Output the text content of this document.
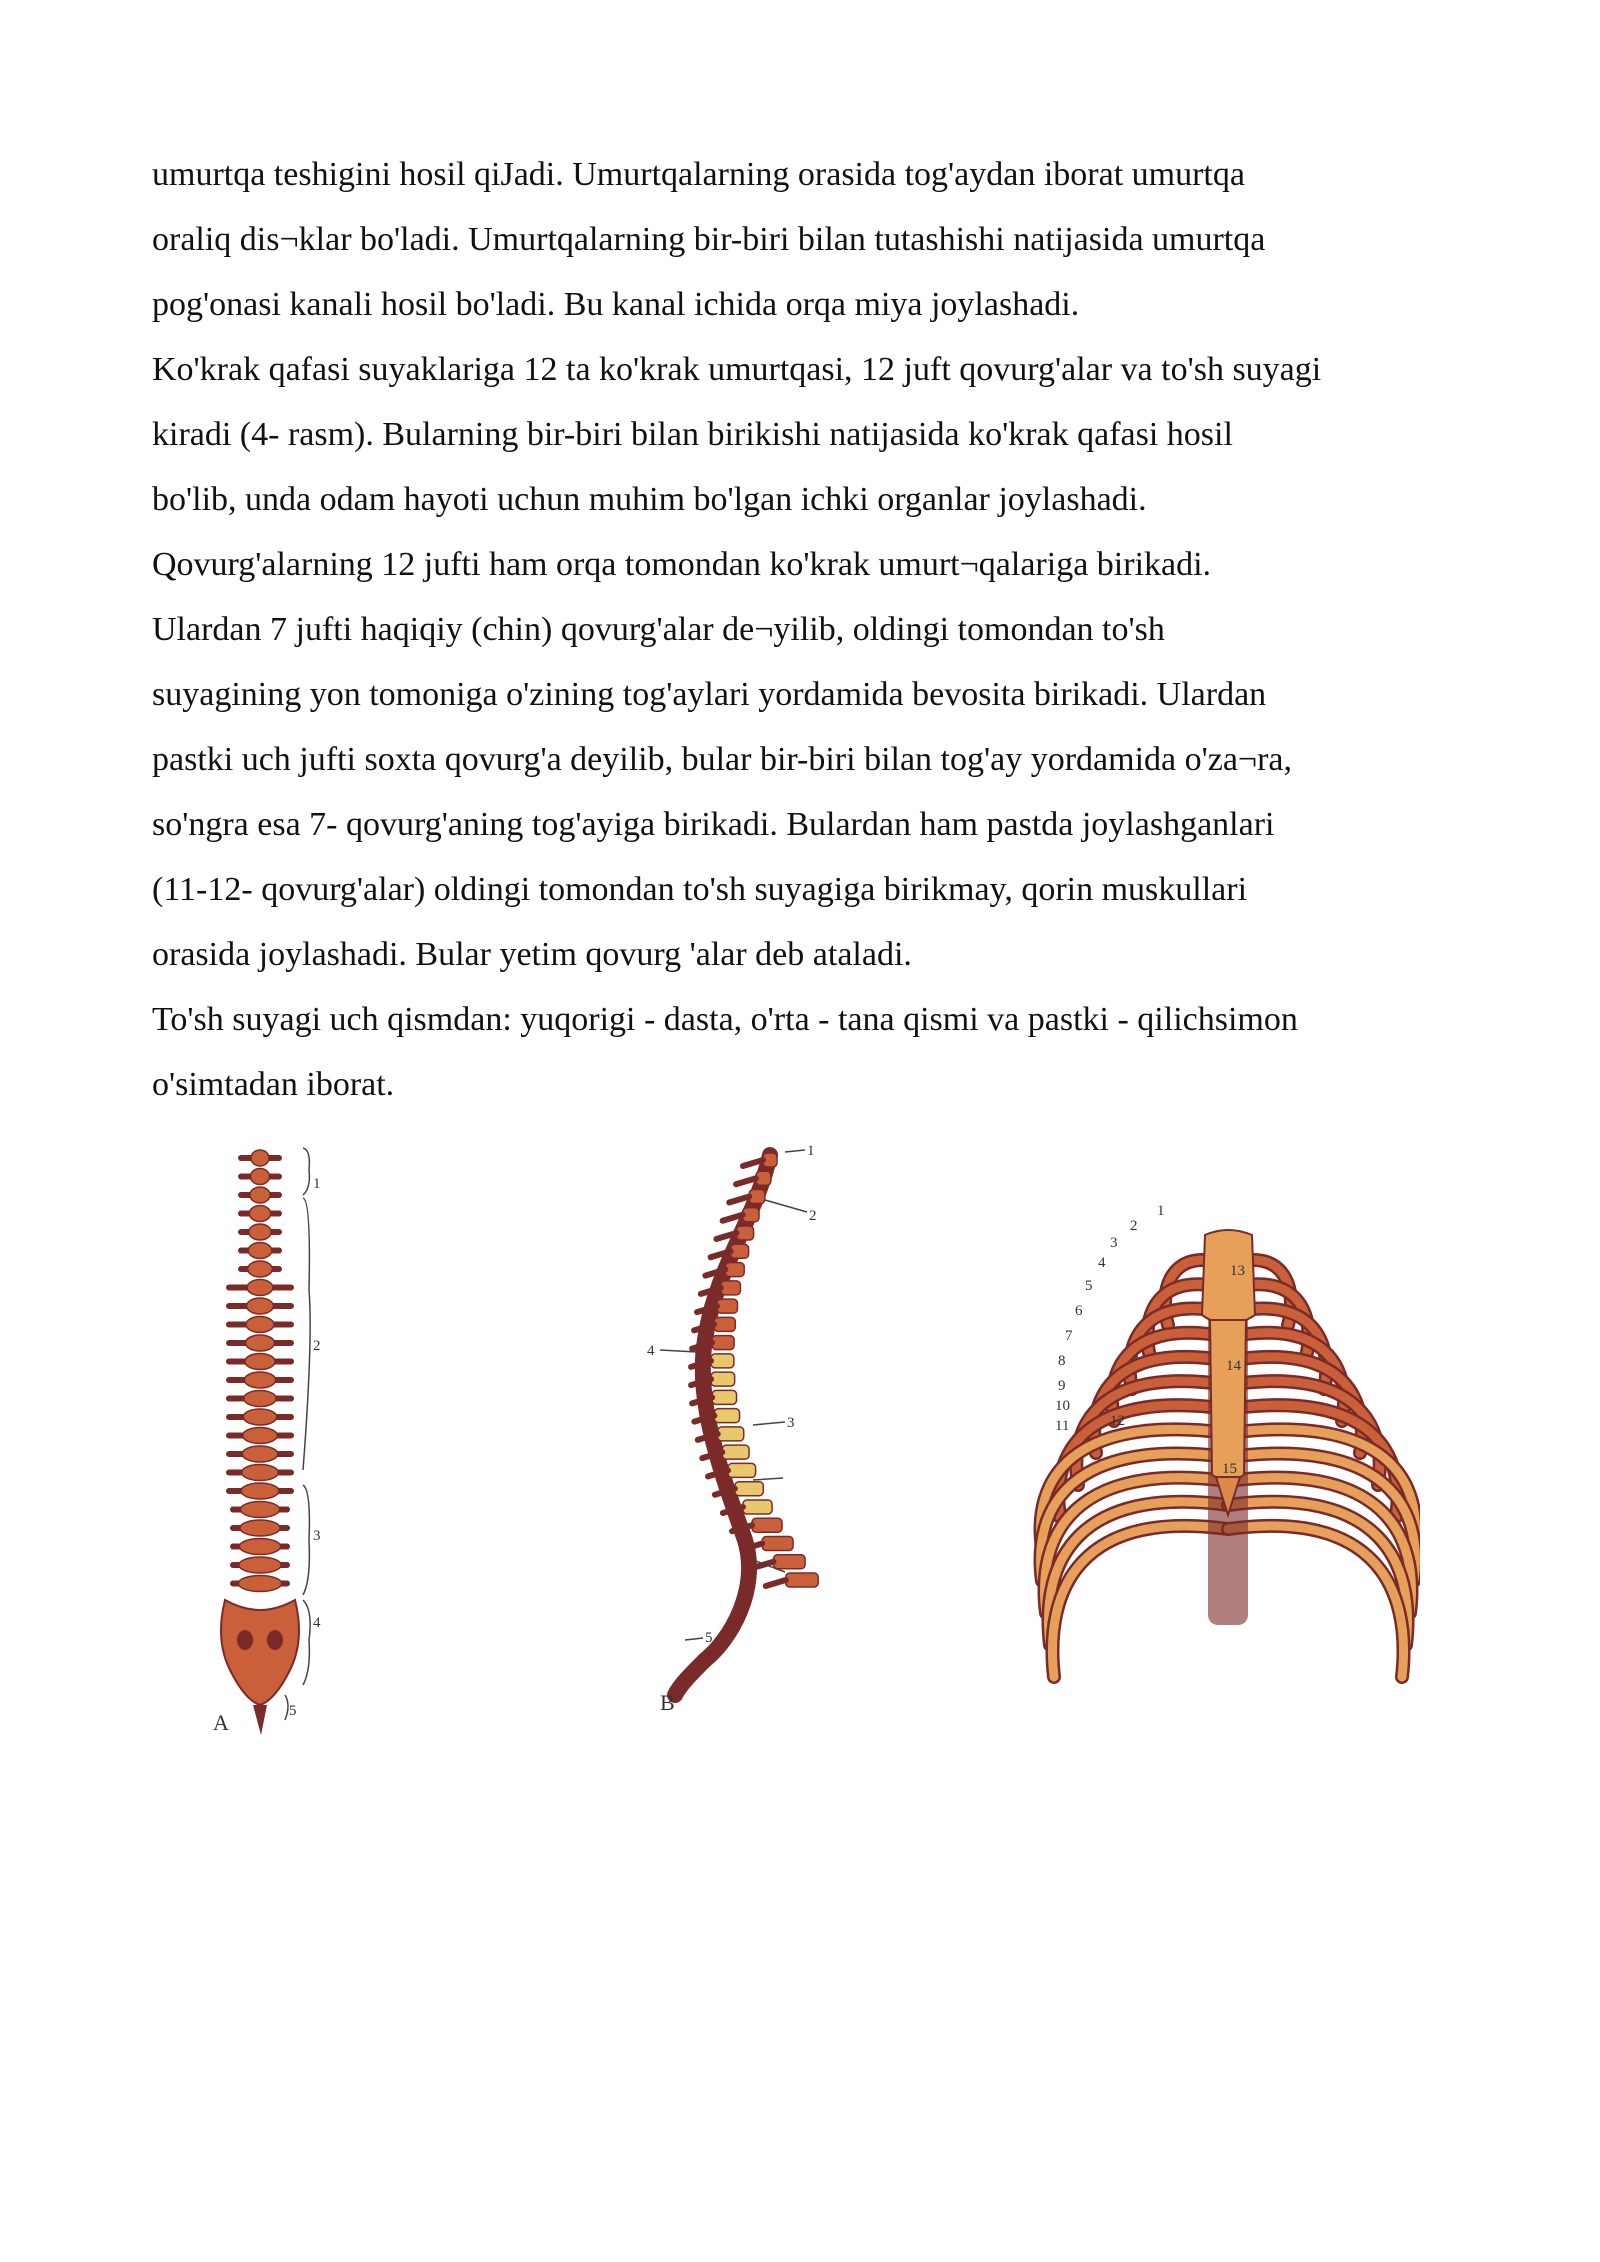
umurtqa teshigini hosil qiJadi. Umurtqalarning orasida tog'aydan iborat umurtqa

oraliq dis¬klar bo'ladi. Umurtqalarning bir-biri bilan tutashishi natijasida umurtqa

pog'onasi kanali hosil bo'ladi. Bu kanal ichida orqa miya joylashadi.

Ko'krak qafasi suyaklariga 12 ta ko'krak umurtqasi, 12 juft qovurg'alar va to'sh suyagi

kiradi (4- rasm). Bularning bir-biri bilan birikishi natijasida ko'krak qafasi hosil

bo'lib, unda odam hayoti uchun muhim bo'lgan ichki organlar joylashadi.

Qovurg'alarning 12 jufti ham orqa tomondan ko'krak umurt¬qalariga birikadi.

Ulardan 7 jufti haqiqiy (chin) qovurg'alar de¬yilib, oldingi tomondan to'sh

suyagining yon tomoniga o'zining tog'aylari yordamida bevosita birikadi. Ulardan

pastki uch jufti soxta qovurg'a deyilib, bular bir-biri bilan tog'ay yordamida o'za¬ra,

so'ngra esa 7- qovurg'aning tog'ayiga birikadi. Bulardan ham pastda joylashganlari

(11-12- qovurg'alar) oldingi tomondan to'sh suyagiga birikmay, qorin muskullari

orasida joylashadi. Bular yetim qovurg 'alar deb ataladi.

To'sh suyagi uch qismdan: yuqorigi - dasta, o'rta - tana qismi va pastki - qilichsimon

o'simtadan iborat.

1
2
3
4
5
A
1
2
3
4
5
B
1
2
3
4
5
6
7
8
9
10
11	12
13
14
15
